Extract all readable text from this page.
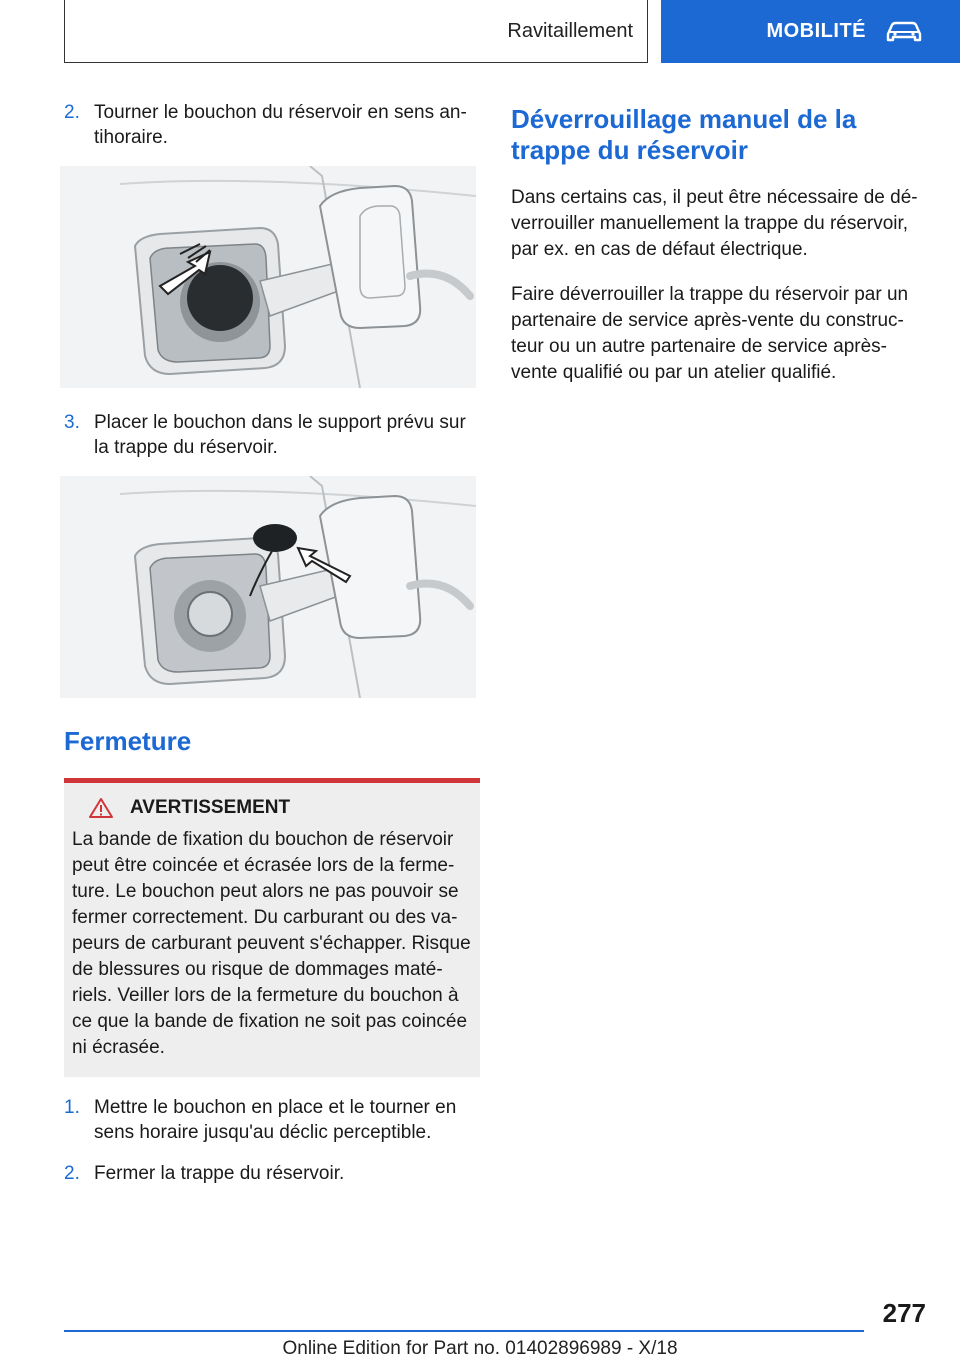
Ravitaillement	MOBILITÉ
2. Tourner le bouchon du réservoir en sens an-tihoraire.
3. Placer le bouchon dans le support prévu sur la trappe du réservoir.
Fermeture
AVERTISSEMENT
La bande de fixation du bouchon de réservoir peut être coincée et écrasée lors de la ferme-ture. Le bouchon peut alors ne pas pouvoir se fermer correctement. Du carburant ou des va-peurs de carburant peuvent s'échapper. Risque de blessures ou risque de dommages maté-riels. Veiller lors de la fermeture du bouchon à ce que la bande de fixation ne soit pas coincée ni écrasée.
1. Mettre le bouchon en place et le tourner en sens horaire jusqu'au déclic perceptible.
2. Fermer la trappe du réservoir.
Déverrouillage manuel de la trappe du réservoir

Dans certains cas, il peut être nécessaire de dé-verrouiller manuellement la trappe du réservoir, par ex. en cas de défaut électrique.

Faire déverrouiller la trappe du réservoir par un partenaire de service après-vente du construc-teur ou un autre partenaire de service après-vente qualifié ou par un atelier qualifié.

277
Online Edition for Part no. 01402896989 - X/18
